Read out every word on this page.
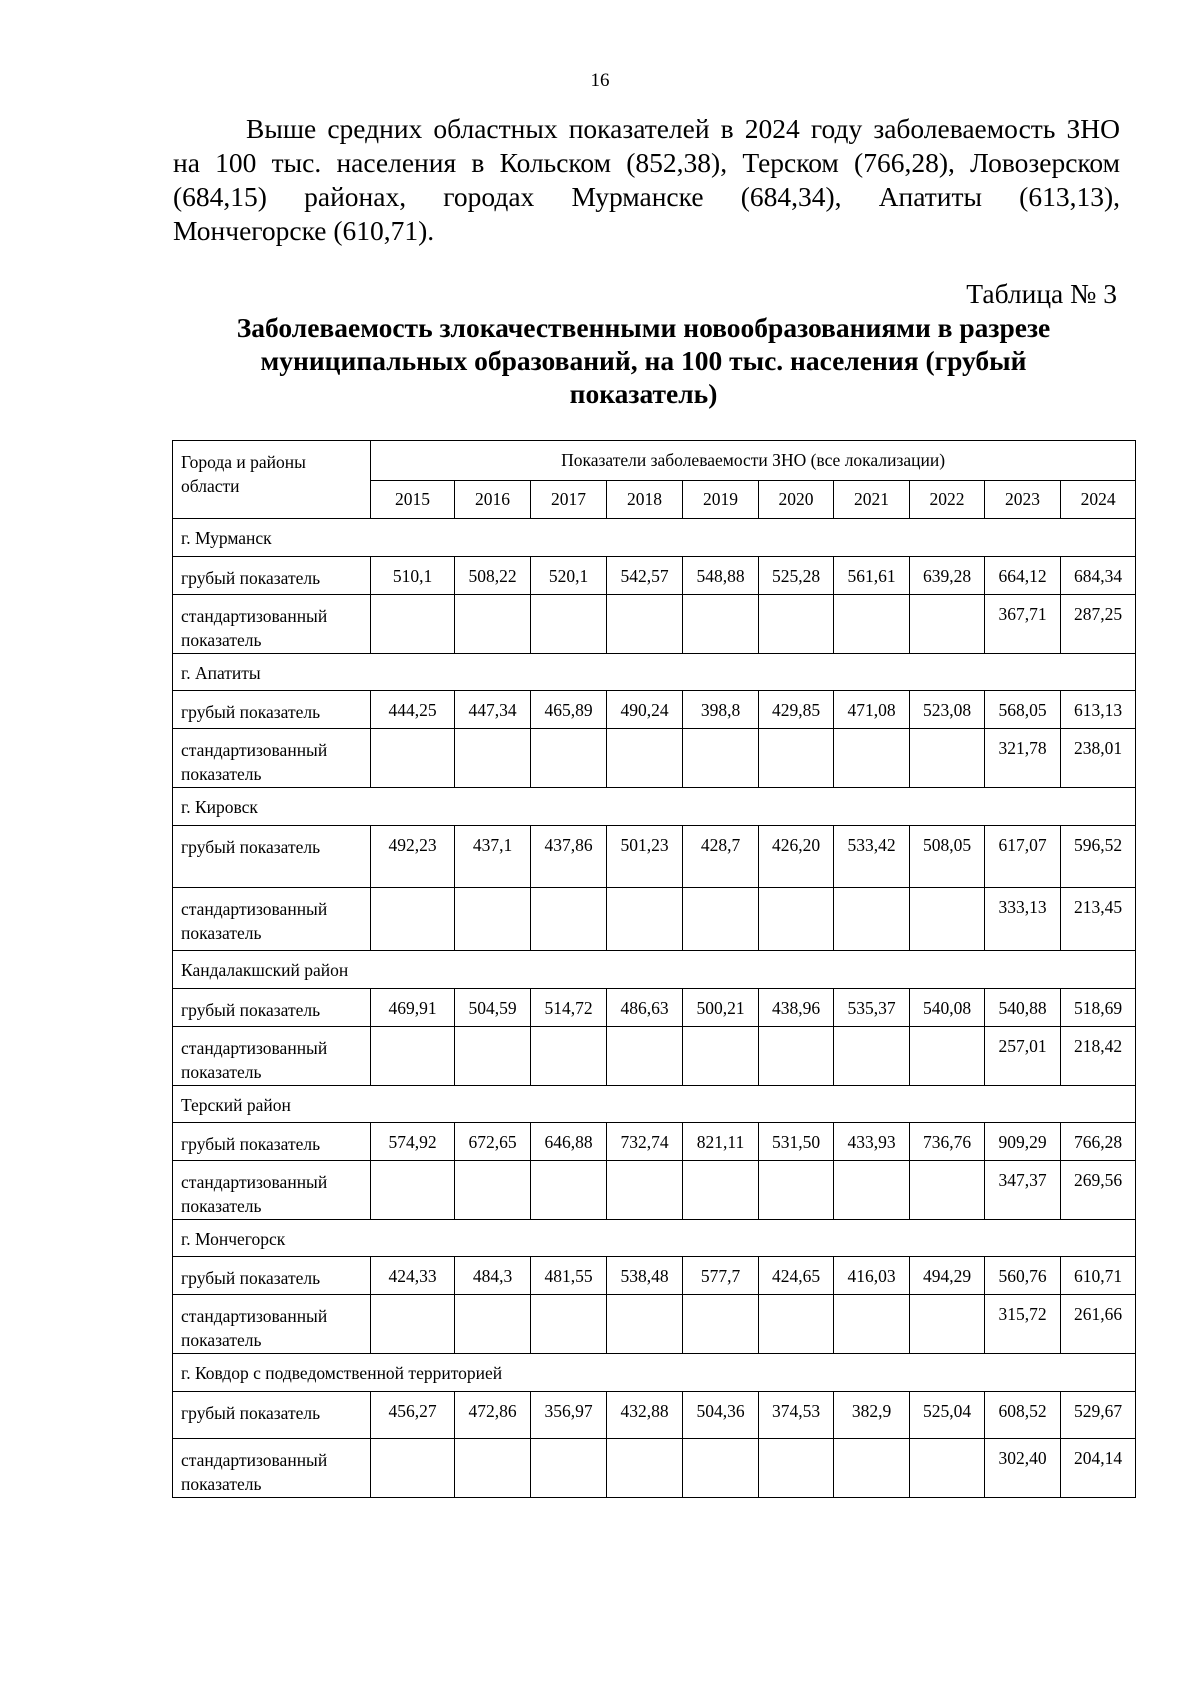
16

Выше средних областных показателей в 2024 году заболеваемость ЗНО
на 100 тыс. населения в Кольском (852,38), Терском (766,28), Ловозерском
(684,15) районах, городах Мурманске (684,34), Апатиты (613,13),
Мончегорске (610,71).

Таблица № 3
Заболеваемость злокачественными новообразованиями в разрезе
муниципальных образований, на 100 тыс. населения (грубый
показатель)
Города и районы
области	Показатели заболеваемости ЗНО (все локализации)									
	2015	2016	2017	2018	2019	2020	2021	2022	2023	2024
г. Мурманск										

грубый показатель	510,1	508,22	520,1	542,57	548,88	525,28	561,61	639,28	664,12	684,34

стандартизованный
показатель									367,71	287,25
г. Апатиты										

грубый показатель	444,25	447,34	465,89	490,24	398,8	429,85	471,08	523,08	568,05	613,13

стандартизованный
показатель									321,78	238,01
г. Кировск										

грубый показатель	492,23	437,1	437,86	501,23	428,7	426,20	533,42	508,05	617,07	596,52

стандартизованный
показатель									333,13	213,45
Кандалакшский район										

грубый показатель	469,91	504,59	514,72	486,63	500,21	438,96	535,37	540,08	540,88	518,69

стандартизованный
показатель									257,01	218,42
Терский район										

грубый показатель	574,92	672,65	646,88	732,74	821,11	531,50	433,93	736,76	909,29	766,28

стандартизованный
показатель									347,37	269,56
г. Мончегорск										

грубый показатель	424,33	484,3	481,55	538,48	577,7	424,65	416,03	494,29	560,76	610,71

стандартизованный
показатель									315,72	261,66
г. Ковдор с подведомственной территорией										

грубый показатель	456,27	472,86	356,97	432,88	504,36	374,53	382,9	525,04	608,52	529,67

стандартизованный
показатель									302,40	204,14
